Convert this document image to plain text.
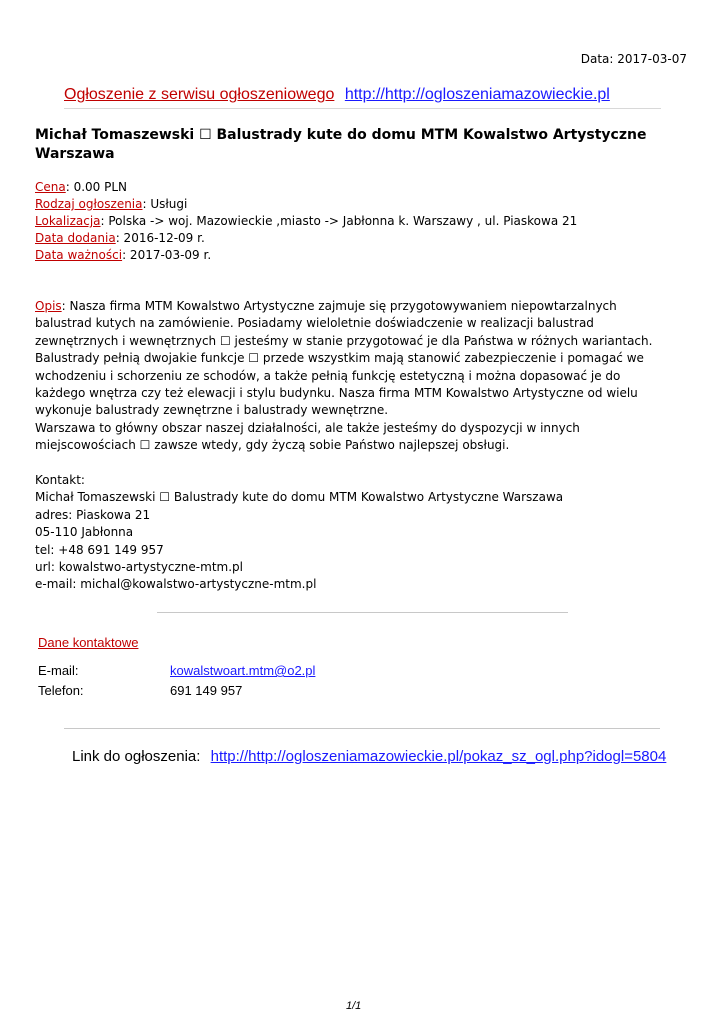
Data: 2017-03-07
Ogłoszenie z serwisu ogłoszeniowego http://http://ogloszeniamazowieckie.pl
Michał Tomaszewski ☐ Balustrady kute do domu MTM Kowalstwo Artystyczne Warszawa
Cena: 0.00 PLN
Rodzaj ogłoszenia: Usługi
Lokalizacja: Polska -> woj. Mazowieckie ,miasto -> Jabłonna k. Warszawy , ul. Piaskowa 21
Data dodania: 2016-12-09 r.
Data ważności: 2017-03-09 r.
Opis: Nasza firma MTM Kowalstwo Artystyczne zajmuje się przygotowywaniem niepowtarzalnych
balustrad kutych na zamówienie. Posiadamy wieloletnie doświadczenie w realizacji balustrad
zewnętrznych i wewnętrznych ☐ jesteśmy w stanie przygotować je dla Państwa w różnych wariantach.
Balustrady pełnią dwojakie funkcje ☐ przede wszystkim mają stanowić zabezpieczenie i pomagać we
wchodzeniu i schorzeniu ze schodów, a także pełnią funkcję estetyczną i można dopasować je do
każdego wnętrza czy też elewacji i stylu budynku. Nasza firma MTM Kowalstwo Artystyczne od wielu
wykonuje balustrady zewnętrzne i balustrady wewnętrzne.
Warszawa to główny obszar naszej działalności, ale także jesteśmy do dyspozycji w innych
miejscowościach ☐ zawsze wtedy, gdy życzą sobie Państwo najlepszej obsługi.
Kontakt:
Michał Tomaszewski ☐ Balustrady kute do domu MTM Kowalstwo Artystyczne Warszawa
adres: Piaskowa 21
05-110 Jabłonna
tel: +48 691 149 957
url: kowalstwo-artystyczne-mtm.pl
e-mail: michal@kowalstwo-artystyczne-mtm.pl
Dane kontaktowe
E-mail:	kowalstwoart.mtm@o2.pl
Telefon:	691 149 957
Link do ogłoszenia: http://http://ogloszeniamazowieckie.pl/pokaz_sz_ogl.php?idogl=5804
1/1
